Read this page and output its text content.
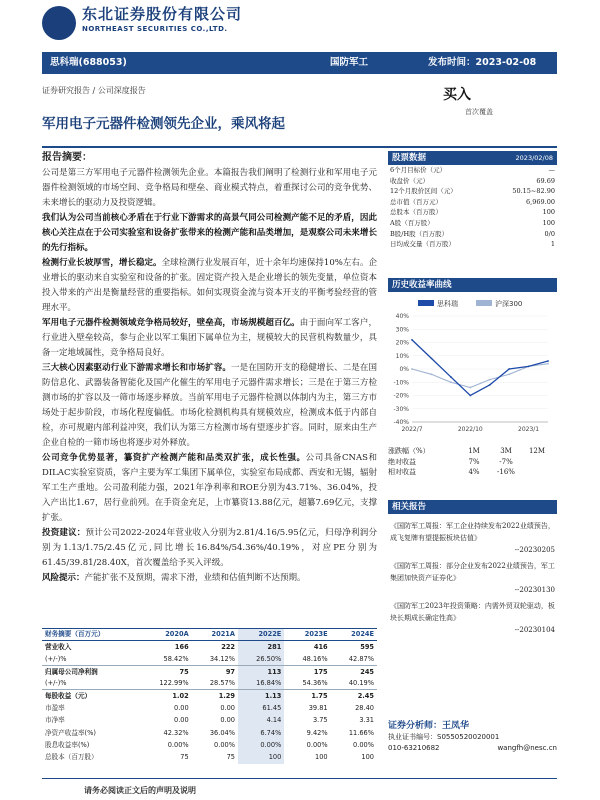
东北证券股份有限公司
NORTHEAST SECURITIES CO.,LTD.
思科瑞(688053)	国防军工	发布时间：2023-02-08
证券研究报告 / 公司深度报告	买入
首次覆盖
军用电子元器件检测领先企业，乘风将起
报告摘要：

公司是第三方军用电子元器件检测领先企业。本篇报告我们阐明了检测行业和军用电子元器件检测领域的市场空间、竞争格局和壁垒、商业模式特点，着重探讨公司的竞争优势、未来增长的驱动力及投资逻辑。

我们认为公司当前核心矛盾在于行业下游需求的高景气同公司检测产能不足的矛盾，因此核心关注点在于公司实验室和设备扩张带来的检测产能和品类增加，是观察公司未来增长的先行指标。

检测行业长坡厚雪，增长稳定。全球检测行业发展百年，近十余年均速保持10%左右。企业增长的驱动来自实验室和设备的扩张。固定资产投入是企业增长的领先变量，单位资本投入带来的产出是衡量经营的重要指标。如何实现资金流与资本开支的平衡考验经营的管理水平。

军用电子元器件检测领域竞争格局较好，壁垒高，市场规模超百亿。由于面向军工客户，行业进入壁垒较高，参与企业以军工集团下属单位为主，规模较大的民营机构数量少，具备一定地域属性，竞争格局良好。

三大核心因素驱动行业下游需求增长和市场扩容。一是在国防开支的稳健增长、二是在国防信息化、武器装备智能化及国产化催生的军用电子元器件需求增长；三是在于第三方检测市场的扩容以及一筛市场逐步释放。当前军用电子元器件检测以体制内为主，第三方市场处于起步阶段，市场化程度偏低。市场化检测机构具有规模效应，检测成本低于内部自检，亦可规避内部利益冲突，我们认为第三方检测市场有望逐步扩容。同时，原来由生产企业自检的一筛市场也将逐步对外释放。

公司竞争优势显著，纂资扩产检测产能和品类双扩张，成长性强。公司具备CNAS和DILAC实验室资质，客户主要为军工集团下属单位，实验室布局成都、西安和无锡，辐射军工生产重地。公司盈利能力强，2021年净利率和ROE分别为43.71%、36.04%，投入产出比1.67，居行业前列。在手资金充足，上市纂资13.88亿元，超纂7.69亿元，支撑扩张。

投资建议：预计公司2022-2024年营业收入分别为2.81/4.16/5.95亿元，归母净利润分别为1.13/1.75/2.45亿元,同比增长16.84%/54.36%/40.19%，对应PE分别为61.45/39.81/28.40X，首次覆盖给予买入评级。

风险提示：产能扩张不及预期，需求下滑，业绩和估值判断不达预期。

财务摘要（百万元）	2020A	2021A	2022E	2023E	2024E
营业收入	166	222	281	416	595
(+/-)%	58.42%	34.12%	26.50%	48.16%	42.87%
归属母公司净利润	75	97	113	175	245
(+/-)%	122.99%	28.57%	16.84%	54.36%	40.19%
每股收益（元）	1.02	1.29	1.13	1.75	2.45
市盈率	0.00	0.00	61.45	39.81	28.40
市净率	0.00	0.00	4.14	3.75	3.31
净资产收益率(%)	42.32%	36.04%	6.74%	9.42%	11.66%
股息收益率(%)	0.00%	0.00%	0.00%	0.00%	0.00%
总股本（百万股）	75	75	100	100	100
股票数据	2023/02/08
6个月目标价（元）	—
收盘价（元）	69.69
12个月股价区间（元）	50.15~82.90
总市值（百万元）	6,969.00
总股本（百万股）	100
A股（百万股）	100
B股/H股（百万股）	0/0
日均成交量（百万股）	1
历史收益率曲线
思科瑞	沪深300
40%
30%
20%
10%
0%
-10%
-20%
-30%
-40%
2022/7	2022/10	2023/1
涨跌幅（%）	1M	3M	12M
绝对收益	7%	-7%
相对收益	4%	-16%
相关报告
《国防军工周报：军工企业持续发布2022业绩预告，成飞复牌有望提振板块估值》
--20230205
《国防军工周报：部分企业发布2022业绩预告，军工集团加快资产证券化》
--20230130
《国防军工2023年投资策略：内需外贸双轮驱动，板块长期成长确定性高》
--20230104
证券分析师：王凤华
执业证书编号：S0550520020001
010-63210682	wangfh@nesc.cn
请务必阅读正文后的声明及说明
